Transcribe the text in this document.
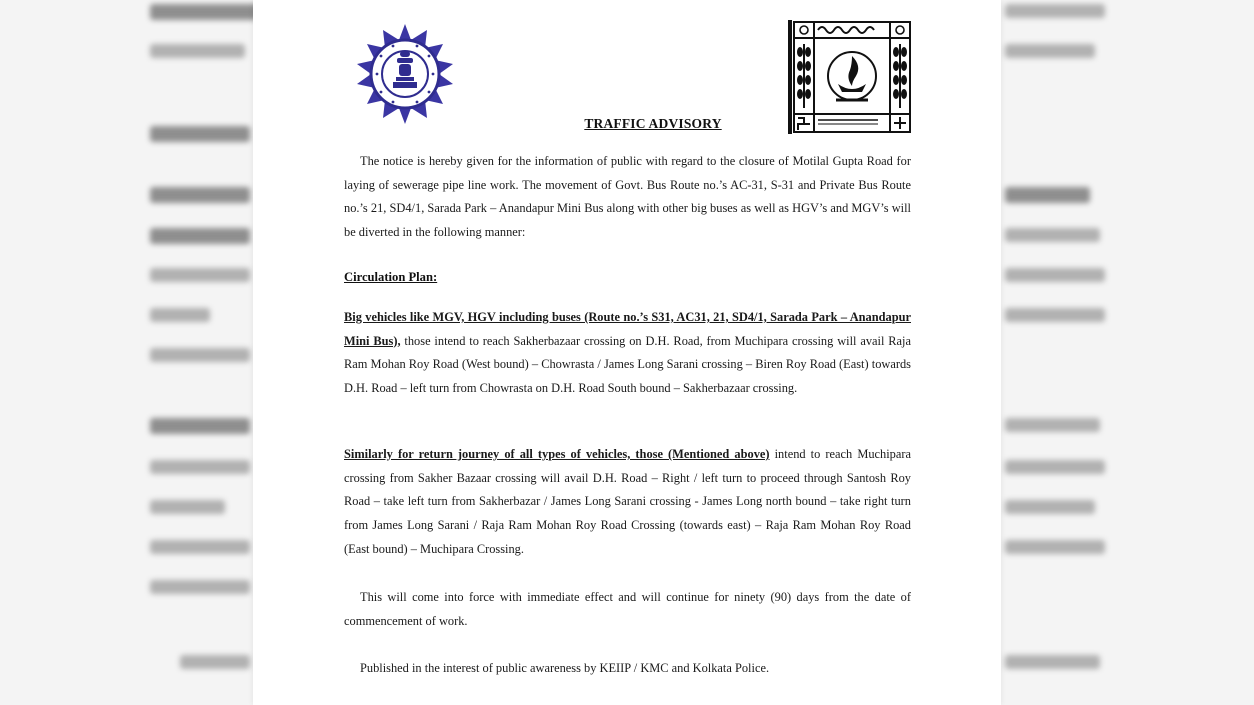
TRAFFIC ADVISORY

The notice is hereby given for the information of public with regard to the closure of Motilal Gupta Road for laying of sewerage pipe line work. The movement of Govt. Bus Route no.’s AC-31, S-31 and Private Bus Route no.’s 21, SD4/1, Sarada Park – Anandapur Mini Bus along with other big buses as well as HGV’s and MGV’s will be diverted in the following manner:

Circulation Plan:

Big vehicles like MGV, HGV including buses (Route no.’s S31, AC31, 21, SD4/1, Sarada Park – Anandapur Mini Bus), those intend to reach Sakherbazaar crossing on D.H. Road, from Muchipara crossing will avail Raja Ram Mohan Roy Road (West bound) – Chowrasta / James Long Sarani crossing – Biren Roy Road (East) towards D.H. Road – left turn from Chowrasta on D.H. Road South bound – Sakherbazaar crossing.

Similarly for return journey of all types of vehicles, those (Mentioned above) intend to reach Muchipara crossing from Sakher Bazaar crossing will avail D.H. Road – Right / left turn to proceed through Santosh Roy Road – take left turn from Sakherbazar / James Long Sarani crossing - James Long north bound – take right turn from James Long Sarani / Raja Ram Mohan Roy Road Crossing (towards east) – Raja Ram Mohan Roy Road (East bound) – Muchipara Crossing.

This will come into force with immediate effect and will continue for ninety (90) days from the date of commencement of work.

Published in the interest of public awareness by KEIIP / KMC and Kolkata Police.
